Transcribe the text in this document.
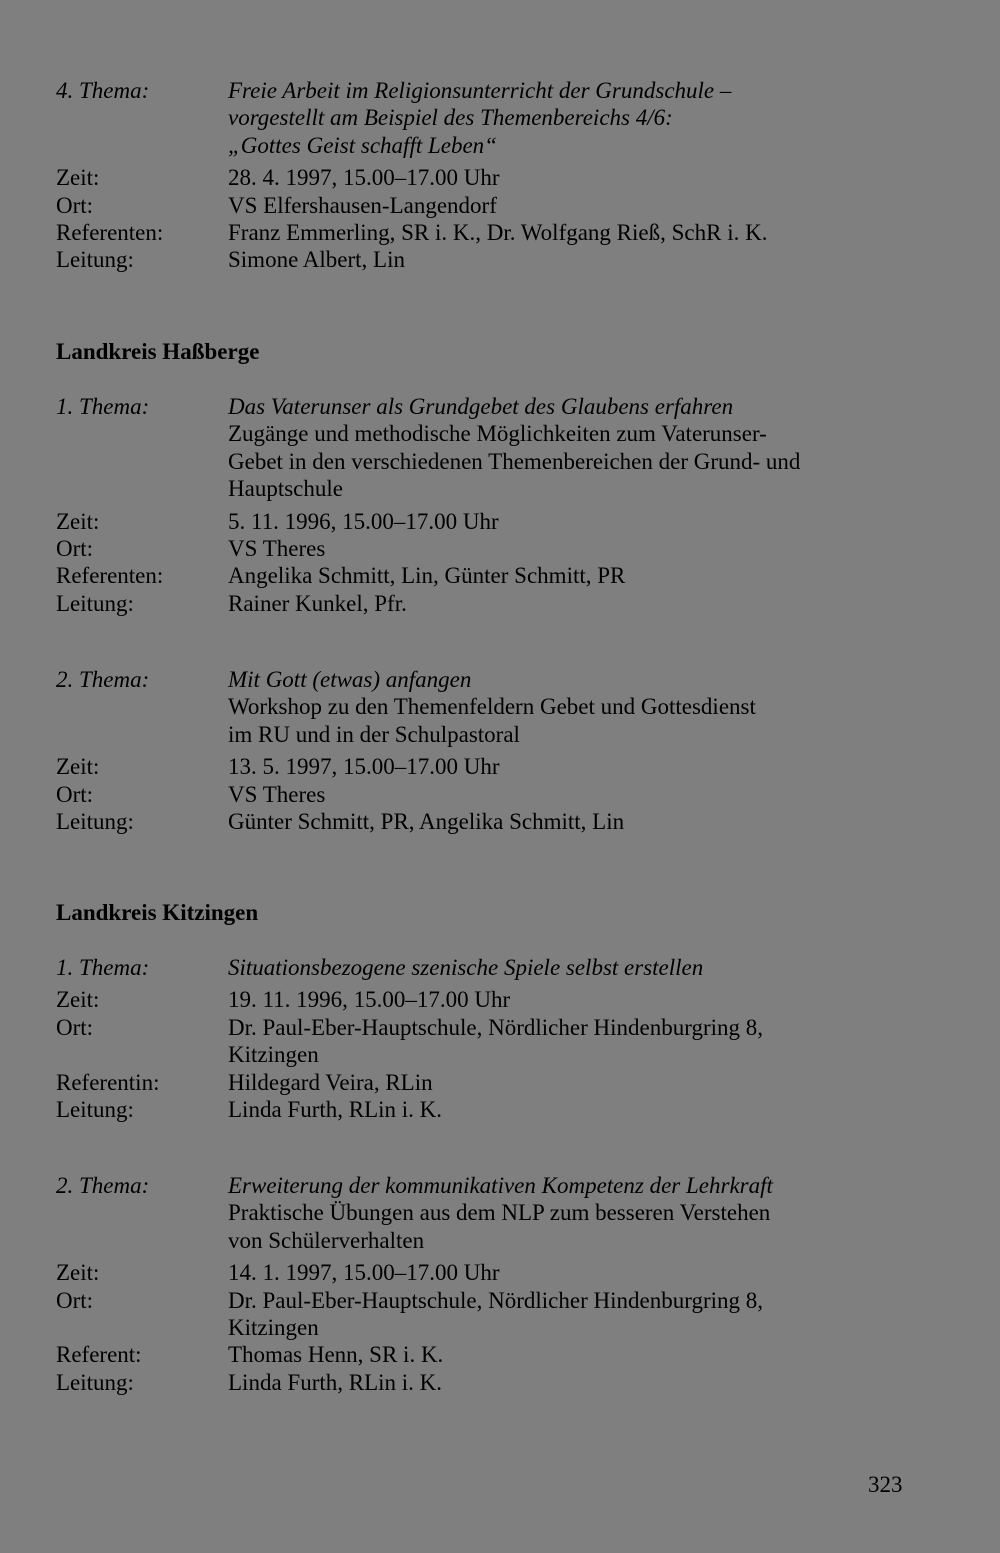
4. Thema:	Freie Arbeit im Religionsunterricht der Grundschule –
vorgestellt am Beispiel des Themenbereichs 4/6:
„Gottes Geist schafft Leben“
Zeit:	28. 4. 1997, 15.00–17.00 Uhr
Ort:	VS Elfershausen-Langendorf
Referenten:	Franz Emmerling, SR i. K., Dr. Wolfgang Rieß, SchR i. K.
Leitung:	Simone Albert, Lin
Landkreis Haßberge
1. Thema:	Das Vaterunser als Grundgebet des Glaubens erfahren
Zugänge und methodische Möglichkeiten zum Vaterunser-
Gebet in den verschiedenen Themenbereichen der Grund- und
Hauptschule
Zeit:	5. 11. 1996, 15.00–17.00 Uhr
Ort:	VS Theres
Referenten:	Angelika Schmitt, Lin, Günter Schmitt, PR
Leitung:	Rainer Kunkel, Pfr.
2. Thema:	Mit Gott (etwas) anfangen
Workshop zu den Themenfeldern Gebet und Gottesdienst
im RU und in der Schulpastoral
Zeit:	13. 5. 1997, 15.00–17.00 Uhr
Ort:	VS Theres
Leitung:	Günter Schmitt, PR, Angelika Schmitt, Lin
Landkreis Kitzingen
1. Thema:	Situationsbezogene szenische Spiele selbst erstellen
Zeit:	19. 11. 1996, 15.00–17.00 Uhr
Ort:	Dr. Paul-Eber-Hauptschule, Nördlicher Hindenburgring 8,
Kitzingen
Referentin:	Hildegard Veira, RLin
Leitung:	Linda Furth, RLin i. K.
2. Thema:	Erweiterung der kommunikativen Kompetenz der Lehrkraft
Praktische Übungen aus dem NLP zum besseren Verstehen
von Schülerverhalten
Zeit:	14. 1. 1997, 15.00–17.00 Uhr
Ort:	Dr. Paul-Eber-Hauptschule, Nördlicher Hindenburgring 8,
Kitzingen
Referent:	Thomas Henn, SR i. K.
Leitung:	Linda Furth, RLin i. K.
323
